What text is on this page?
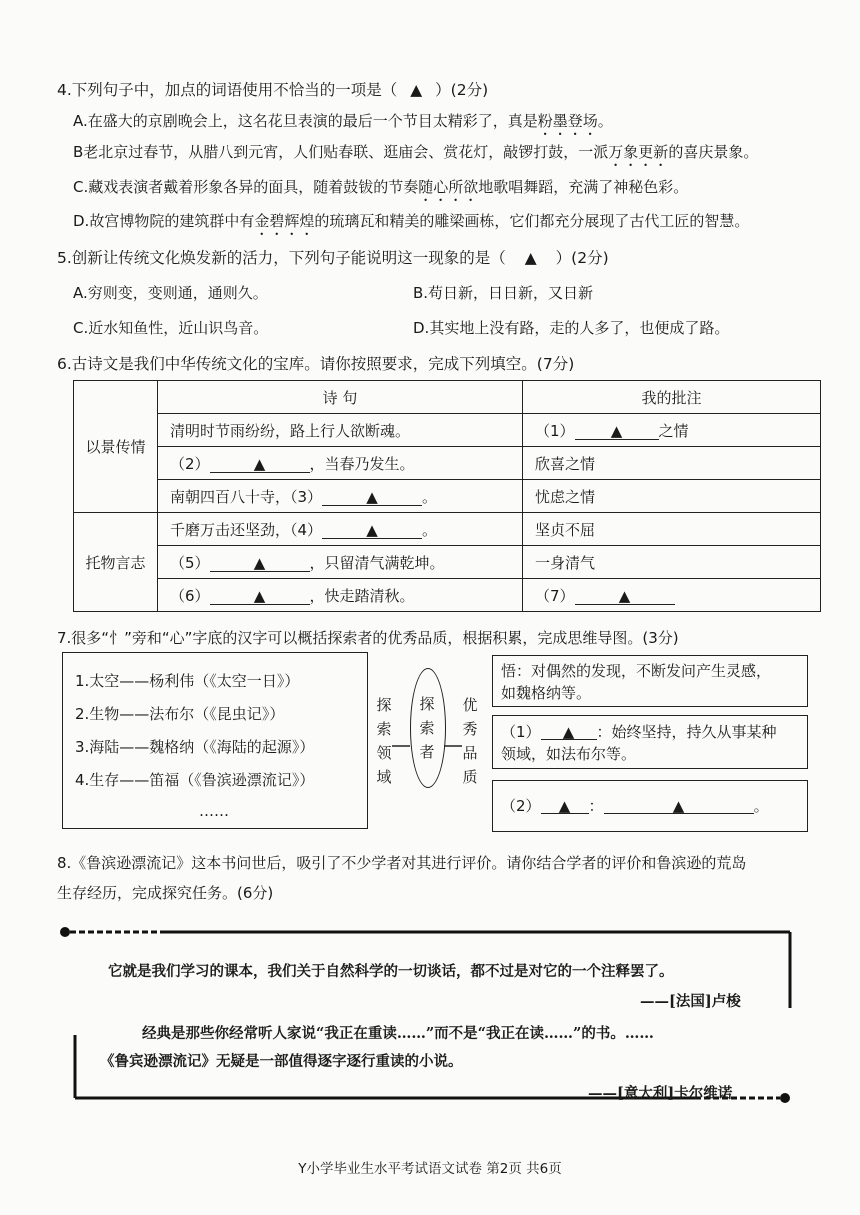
4.下列句子中，加点的词语使用不恰当的一项是（ ▲ ）(2分)
A.在盛大的京剧晚会上，这名花旦表演的最后一个节目太精彩了，真是粉墨登场。
B老北京过春节，从腊八到元宵，人们贴春联、逛庙会、赏花灯，敲锣打鼓，一派万象更新的喜庆景象。
C.藏戏表演者戴着形象各异的面具，随着鼓钹的节奏随心所欲地歌唱舞蹈，充满了神秘色彩。
D.故宫博物院的建筑群中有金碧辉煌的琉璃瓦和精美的雕梁画栋，它们都充分展现了古代工匠的智慧。
5.创新让传统文化焕发新的活力，下列句子能说明这一现象的是（ ▲ ）(2分)
A.穷则变，变则通，通则久。	B.苟日新，日日新，又日新
C.近水知鱼性，近山识鸟音。	D.其实地上没有路，走的人多了，也便成了路。
6.古诗文是我们中华传统文化的宝库。请你按照要求，完成下列填空。(7分)
以景传情	诗 句	我的批注
	清明时节雨纷纷，路上行人欲断魂。	（1） ▲ 之情
	（2） ▲ ，当春乃发生。	欣喜之情
	南朝四百八十寺，（3） ▲ 。	忧虑之情
托物言志	千磨万击还坚劲，（4） ▲ 。	坚贞不屈
	（5） ▲ ，只留清气满乾坤。	一身清气
	（6） ▲ ，快走踏清秋。	（7） ▲
7.很多“忄”旁和“心”字底的汉字可以概括探索者的优秀品质，根据积累，完成思维导图。(3分)
1.太空——杨利伟（《太空一日》）
2.生物——法布尔（《昆虫记》）
3.海陆——魏格纳（《海陆的起源》）
4.生存——笛福（《鲁滨逊漂流记》）
……
探
索
领
域
探
索
者
优
秀
品
质
悟：对偶然的发现，不断发问产生灵感，
如魏格纳等。
（1） ▲ ：始终坚持，持久从事某种
领域，如法布尔等。
（2） ▲ ：	▲	。
8.《鲁滨逊漂流记》这本书问世后，吸引了不少学者对其进行评价。请你结合学者的评价和鲁滨逊的荒岛
生存经历，完成探究任务。(6分)
它就是我们学习的课本，我们关于自然科学的一切谈话，都不过是对它的一个注释罢了。
——[法国]卢梭
经典是那些你经常听人家说“我正在重读……”而不是“我正在读……”的书。……
《鲁宾逊漂流记》无疑是一部值得逐字逐行重读的小说。
——[意大利]卡尔维诺
Y小学毕业生水平考试语文试卷 第2页 共6页
